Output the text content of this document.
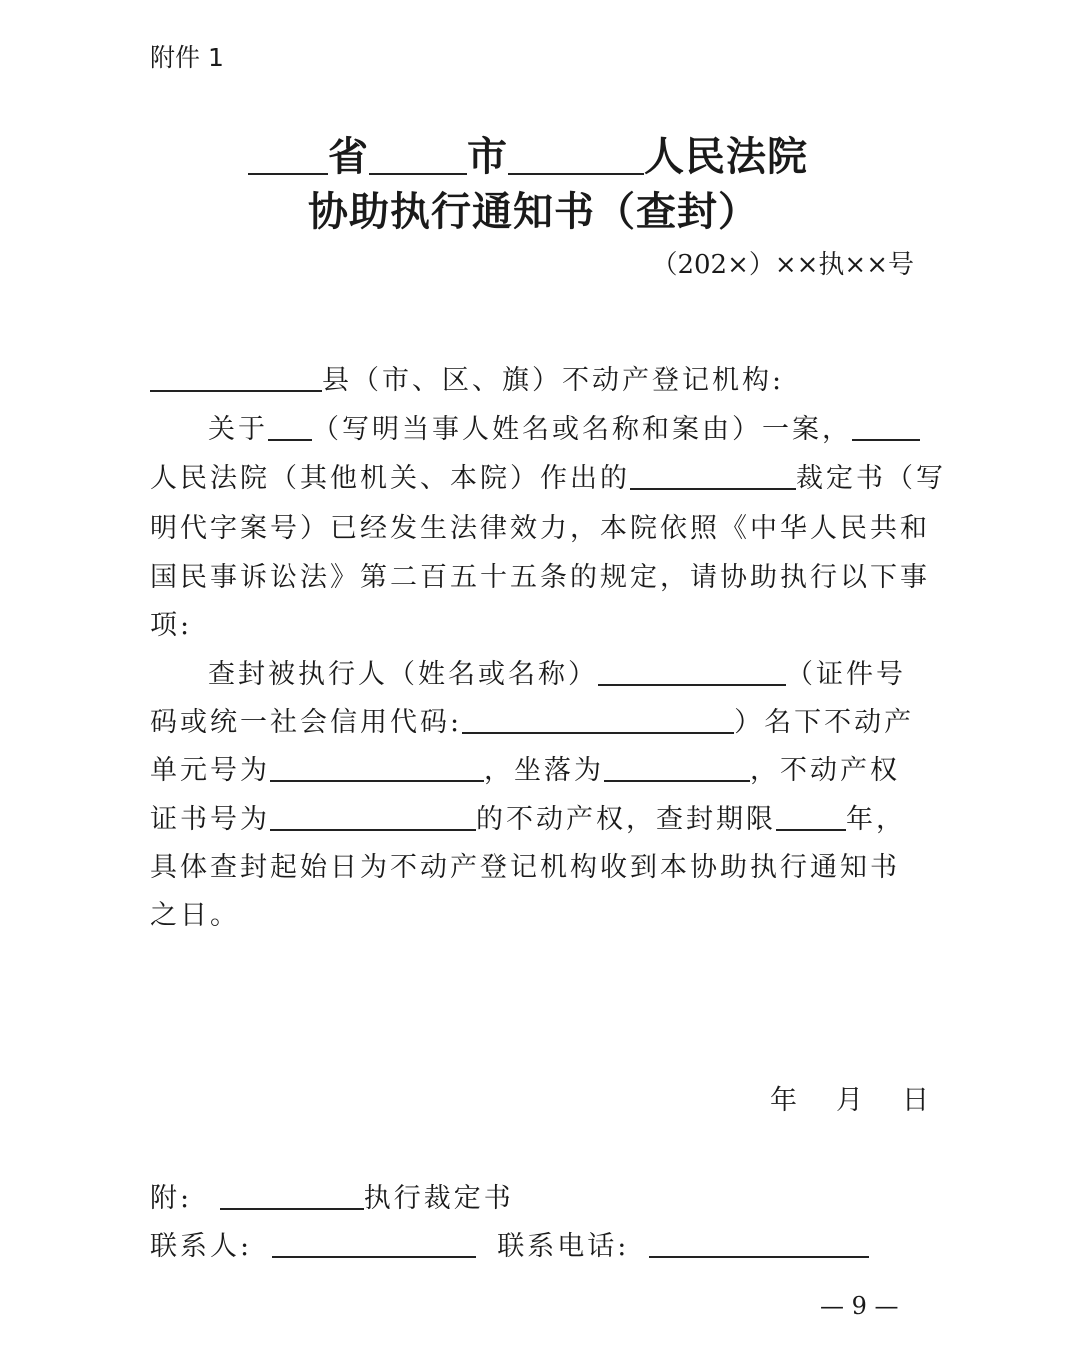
附件 1
省 市	人民法院
协助执行通知书（查封）
（202×）××执××号
县（市、区、旗）不动产登记机构:
关于 （写明当事人姓名或名称和案由）一案，
人民法院（其他机关、本院）作出的	裁定书（写
明代字案号）已经发生法律效力，本院依照《中华人民共和
国民事诉讼法》第二百五十五条的规定，请协助执行以下事
项:
查封被执行人（姓名或名称）	（证件号
码或统一社会信用代码:	）名下不动产
单元号为	，坐落为	，不动产权
证书号为	的不动产权，查封期限	年，
具体查封起始日为不动产登记机构收到本协助执行通知书
之日。
年　月　日
附:	执行裁定书
联系人:	联系电话:
— 9 —
